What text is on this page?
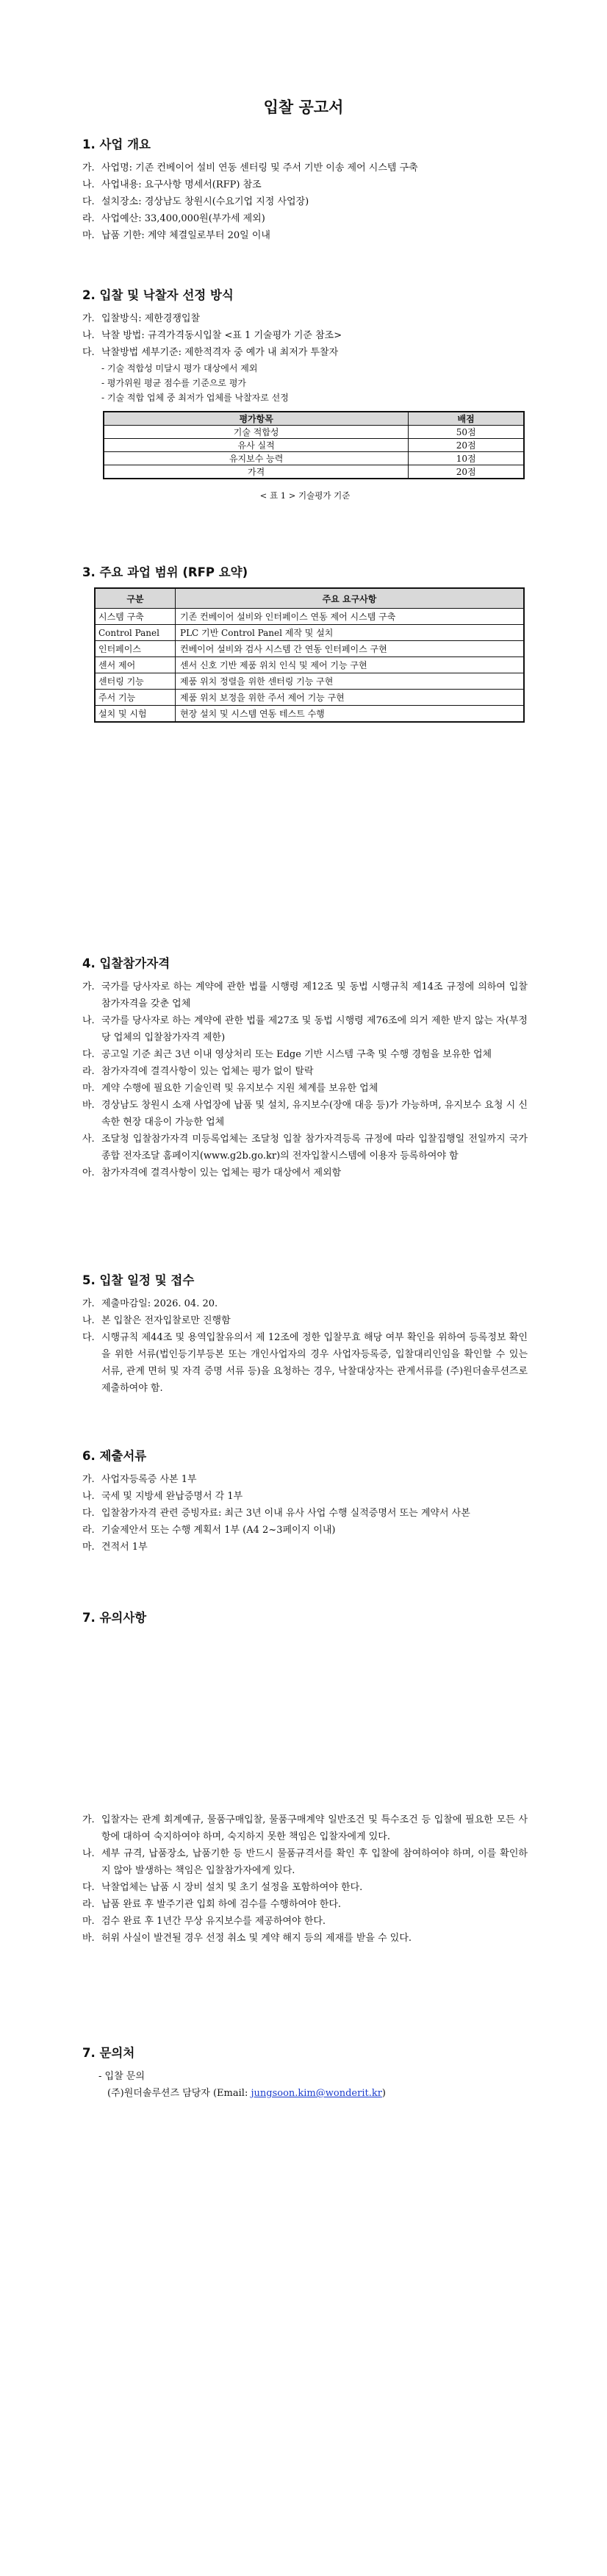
입찰 공고서
1. 사업 개요
가. 사업명: 기존 컨베이어 설비 연동 센터링 및 주서 기반 이송 제어 시스템 구축
나. 사업내용: 요구사항 명세서(RFP) 참조
다. 설치장소: 경상남도 창원시(수요기업 지정 사업장)
라. 사업예산: 33,400,000원(부가세 제외)
마. 납품 기한: 계약 체결일로부터 20일 이내
2. 입찰 및 낙찰자 선정 방식
가. 입찰방식: 제한경쟁입찰
나. 낙찰 방법: 규격가격동시입찰 <표 1 기술평가 기준 참조>
다. 낙찰방법 세부기준: 제한적격자 중 예가 내 최저가 투찰자
- 기술 적합성 미달시 평가 대상에서 제외
- 평가위원 평균 점수를 기준으로 평가
- 기술 적합 업체 중 최저가 업체를 낙찰자로 선정
평가항목	배점
기술 적합성	50점
유사 실적	20점
유지보수 능력	10점
가격	20점
< 표 1 > 기술평가 기준
3. 주요 과업 범위 (RFP 요약)
구분	주요 요구사항
시스템 구축	기존 컨베이어 설비와 인터페이스 연동 제어 시스템 구축
Control Panel	PLC 기반 Control Panel 제작 및 설치
인터페이스	컨베이어 설비와 검사 시스템 간 연동 인터페이스 구현
센서 제어	센서 신호 기반 제품 위치 인식 및 제어 기능 구현
센터링 기능	제품 위치 정렬을 위한 센터링 기능 구현
주서 기능	제품 위치 보정을 위한 주서 제어 기능 구현
설치 및 시험	현장 설치 및 시스템 연동 테스트 수행
4. 입찰참가자격
가. 국가를 당사자로 하는 계약에 관한 법률 시행령 제12조 및 동법 시행규칙 제14조 규정에 의하여 입찰참가자격을 갖춘 업체
나. 국가를 당사자로 하는 계약에 관한 법률 제27조 및 동법 시행령 제76조에 의거 제한 받지 않는 자(부정당 업체의 입찰참가자격 제한)
다. 공고일 기준 최근 3년 이내 영상처리 또는 Edge 기반 시스템 구축 및 수행 경험을 보유한 업체
라. 참가자격에 결격사항이 있는 업체는 평가 없이 탈락
마. 계약 수행에 필요한 기술인력 및 유지보수 지원 체계를 보유한 업체
바. 경상남도 창원시 소재 사업장에 납품 및 설치, 유지보수(장애 대응 등)가 가능하며, 유지보수 요청 시 신속한 현장 대응이 가능한 업체
사. 조달청 입찰참가자격 미등록업체는 조달청 입찰 참가자격등록 규정에 따라 입찰집행일 전일까지 국가종합 전자조달 홈페이지(www.g2b.go.kr)의 전자입찰시스템에 이용자 등록하여야 함
아. 참가자격에 결격사항이 있는 업체는 평가 대상에서 제외함
5. 입찰 일정 및 접수
가. 제출마감일: 2026. 04. 20.
나. 본 입찰은 전자입찰로만 진행함
다. 시행규칙 제44조 및 용역입찰유의서 제 12조에 정한 입찰무효 해당 여부 확인을 위하여 등록정보 확인을 위한 서류(법인등기부등본 또는 개인사업자의 경우 사업자등록증, 입찰대리인임을 확인할 수 있는 서류, 관계 면허 및 자격 증명 서류 등)을 요청하는 경우, 낙찰대상자는 관계서류를 (주)원더솔루션즈로 제출하여야 함.
6. 제출서류
가. 사업자등록증 사본 1부
나. 국세 및 지방세 완납증명서 각 1부
다. 입찰참가자격 관련 증빙자료: 최근 3년 이내 유사 사업 수행 실적증명서 또는 계약서 사본
라. 기술제안서 또는 수행 계획서 1부 (A4 2~3페이지 이내)
마. 견적서 1부
7. 유의사항
가. 입찰자는 관계 회계예규, 물품구매입찰, 물품구매계약 일반조건 및 특수조건 등 입찰에 필요한 모든 사항에 대하여 숙지하여야 하며, 숙지하지 못한 책임은 입찰자에게 있다.
나. 세부 규격, 납품장소, 납품기한 등 반드시 물품규격서를 확인 후 입찰에 참여하여야 하며, 이를 확인하지 않아 발생하는 책임은 입찰참가자에게 있다.
다. 낙찰업체는 납품 시 장비 설치 및 초기 설정을 포함하여야 한다.
라. 납품 완료 후 발주기관 입회 하에 검수를 수행하여야 한다.
마. 검수 완료 후 1년간 무상 유지보수를 제공하여야 한다.
바. 허위 사실이 발견될 경우 선정 취소 및 계약 해지 등의 제재를 받을 수 있다.
7. 문의처
- 입찰 문의
(주)원더솔루션즈 담당자 (Email: jungsoon.kim@wonderit.kr)
